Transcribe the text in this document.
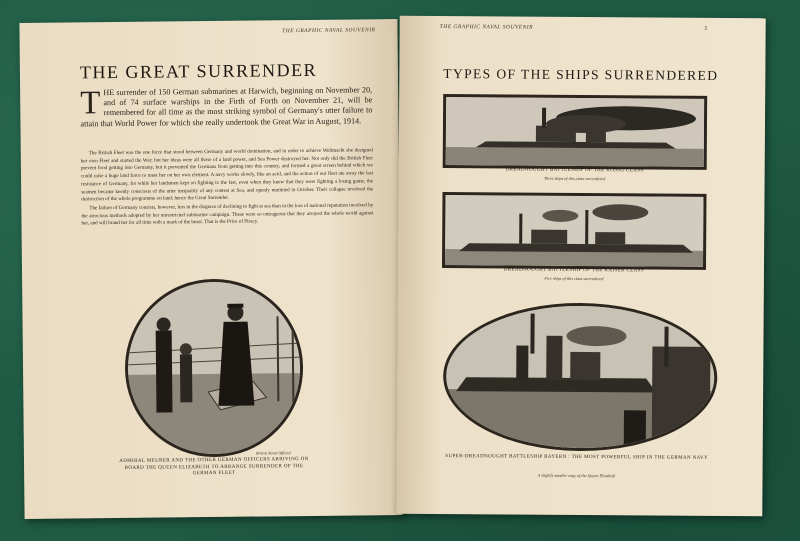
THE GRAPHIC NAVAL SOUVENIR
THE GREAT SURRENDER
THE surrender of 150 German submarines at Harwich, beginning on November 20, and of 74 surface warships in the Firth of Forth on November 21, will be remembered for all time as the most striking symbol of Germany's utter failure to attain that World Power for which she really undertook the Great War in August, 1914.

The British Fleet was the one force that stood between Germany and world domination, and in order to achieve Weltmacht she designed her own Fleet and started the War; but her ideas were all those of a land power, and Sea Power destroyed her. Not only did the British Fleet prevent food getting into Germany, but it prevented the Germans from getting into this country, and formed a great screen behind which we could raise a huge land force to meet her on her own element. A navy works slowly, like an acid, and the action of our fleet ate away the last resistance of Germany, for while her landsmen kept on fighting to the last, even when they knew that they were fighting a losing game, the seamen became keenly conscious of the utter inequality of any contest at Sea, and openly mutinied in October. Their collapse involved the destruction of the whole programme on land; hence the Great Surrender.

The failure of Germany consists, however, less in the disgrace of declining to fight at sea than in the loss of national reputation involved by the atrocious methods adopted by her unrestricted submarine campaign. These were so outrageous that they arrayed the whole world against her, and will brand her for all time with a mark of the beast. That is the Price of Piracy.

British Naval Official
ADMIRAL MEURER AND THE OTHER GERMAN OFFICERS ARRIVING ON BOARD THE QUEEN ELIZABETH TO ARRANGE SURRENDER OF THE GERMAN FLEET
THE GRAPHIC NAVAL SOUVENIR	5
TYPES OF THE SHIPS SURRENDERED
DREADNOUGHT BATTLESHIP OF THE KONIG CLASS
Three ships of this class surrendered
DREADNOUGHT BATTLESHIP OF THE KAISER CLASS
Five ships of this class surrendered
SUPER-DREADNOUGHT BATTLESHIP BAYERN : THE MOST POWERFUL SHIP IN THE GERMAN NAVY
A slightly smaller copy of the Queen Elizabeth
